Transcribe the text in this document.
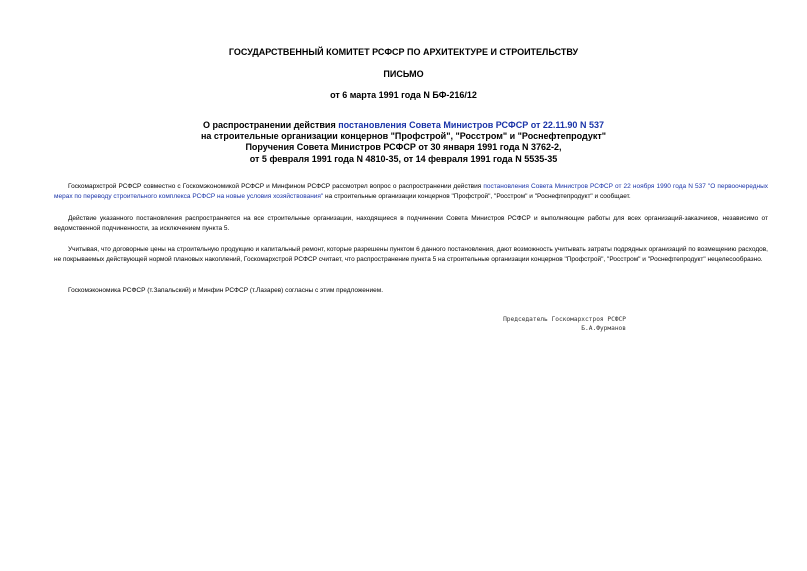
ГОСУДАРСТВЕННЫЙ КОМИТЕТ РСФСР ПО АРХИТЕКТУРЕ И СТРОИТЕЛЬСТВУ
ПИСЬМО
от 6 марта 1991 года N БФ-216/12
О распространении действия постановления Совета Министров РСФСР от 22.11.90 N 537
на строительные организации концернов "Профстрой", "Росстром" и "Роснефтепродукт"
Поручения Совета Министров РСФСР от 30 января 1991 года N 3762-2,
от 5 февраля 1991 года N 4810-35, от 14 февраля 1991 года N 5535-35
Госкомархстрой РСФСР совместно с Госкомэкономикой РСФСР и Минфином РСФСР рассмотрел вопрос о распространении действия постановления Совета Министров РСФСР от 22 ноября 1990 года N 537 "О первоочередных мерах по переводу строительного комплекса РСФСР на новые условия хозяйствования" на строительные организации концернов "Профстрой", "Росстром" и "Роснефтепродукт" и сообщает.
Действие указанного постановления распространяется на все строительные организации, находящиеся в подчинении Совета Министров РСФСР и выполняющие работы для всех организаций-заказчиков, независимо от ведомственной подчиненности, за исключением пункта 5.
Учитывая, что договорные цены на строительную продукцию и капитальный ремонт, которые разрешены пунктом 6 данного постановления, дают возможность учитывать затраты подрядных организаций по возмещению расходов, не покрываемых действующей нормой плановых накоплений, Госкомархстрой РСФСР считает, что распространение пункта 5 на строительные организации концернов "Профстрой", "Росстром" и "Роснефтепродукт" нецелесообразно.
Госкомэкономика РСФСР (т.Запальский) и Минфин РСФСР (т.Лазарев) согласны с этим предложением.
Председатель Госкомархстроя РСФСР
Б.А.Фурманов
